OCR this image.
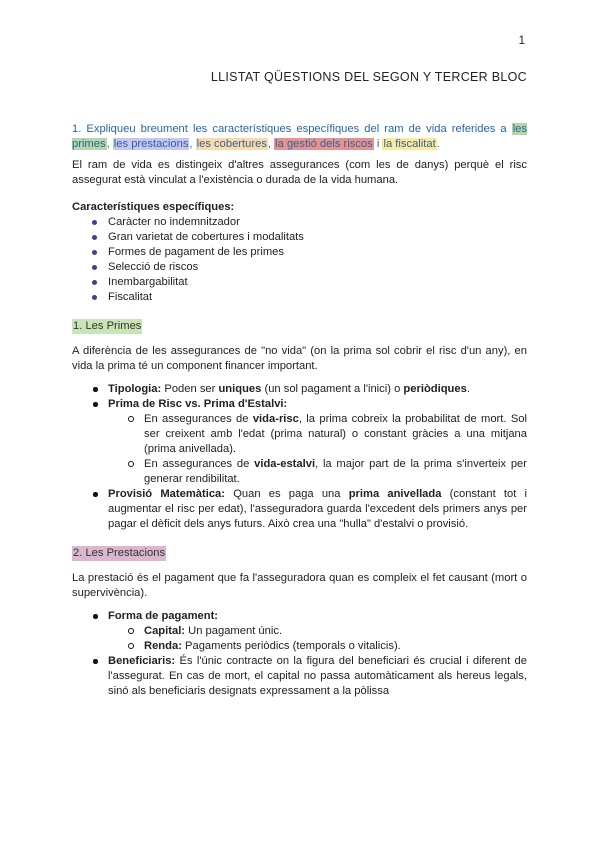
1
LLISTAT QÜESTIONS DEL SEGON Y TERCER BLOC

1. Expliqueu breument les característiques específiques del ram de vida referides a les primes, les prestacions, les cobertures, la gestió dels riscos i la fiscalitat.

El ram de vida es distingeix d'altres assegurances (com les de danys) perquè el risc assegurat està vinculat a l'existència o durada de la vida humana.

Característiques específiques:

Caràcter no indemnitzador
Gran varietat de cobertures i modalitats
Formes de pagament de les primes
Selecció de riscos
Inembargabilitat
Fiscalitat

1. Les Primes

A diferència de les assegurances de "no vida" (on la prima sol cobrir el risc d'un any), en vida la prima té un component financer important.

Tipologia: Poden ser uniques (un sol pagament a l'inici) o periòdiques.
Prima de Risc vs. Prima d'Estalvi:
En assegurances de vida-risc, la prima cobreix la probabilitat de mort. Sol ser creixent amb l'edat (prima natural) o constant gràcies a una mitjana (prima anivellada).
En assegurances de vida-estalvi, la major part de la prima s'inverteix per generar rendibilitat.
Provisió Matemàtica: Quan es paga una prima anivellada (constant tot i augmentar el risc per edat), l'asseguradora guarda l'excedent dels primers anys per pagar el dèficit dels anys futurs. Això crea una "hulla" d'estalvi o provisió.

2. Les Prestacions

La prestació és el pagament que fa l'asseguradora quan es compleix el fet causant (mort o supervivència).

Forma de pagament:
Capital: Un pagament únic.
Renda: Pagaments periòdics (temporals o vitalicis).
Beneficiaris: És l'únic contracte on la figura del beneficiari és crucial i diferent de l'assegurat. En cas de mort, el capital no passa automàticament als hereus legals, sinó als beneficiaris designats expressament a la pòlissa
